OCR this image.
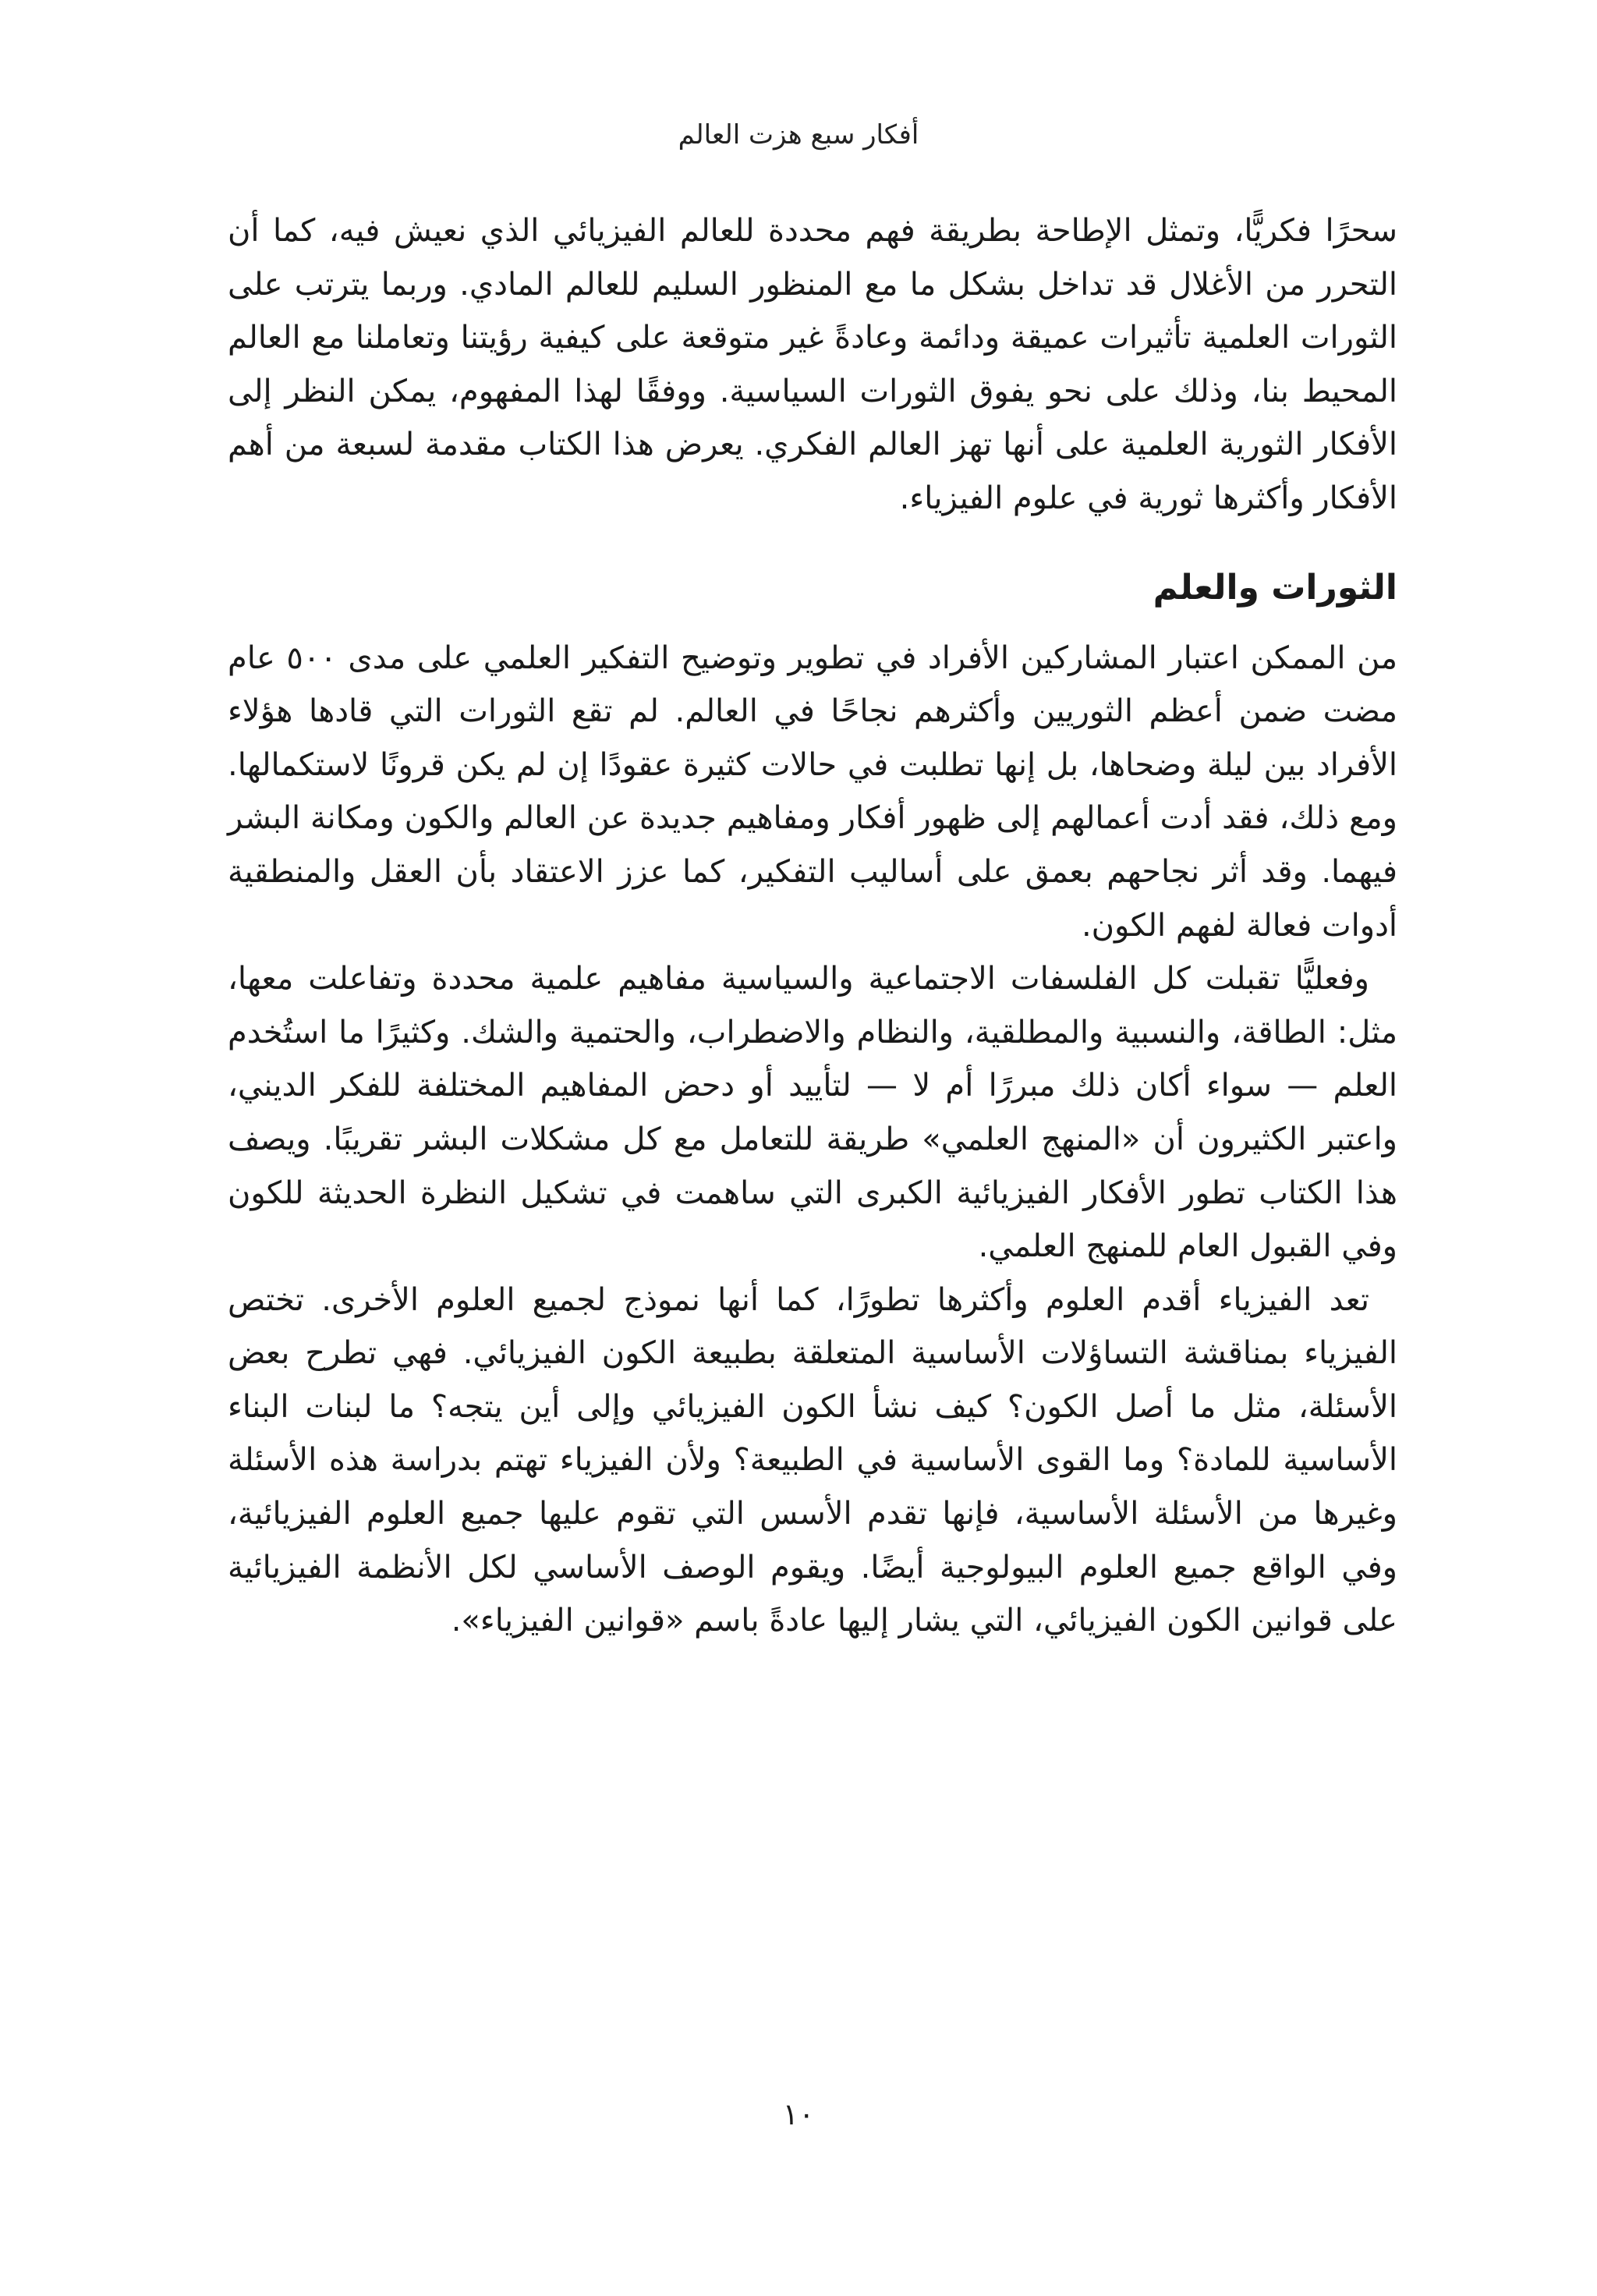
أفكار سبع هزت العالم

سحرًا فكريًّا، وتمثل الإطاحة بطريقة فهم محددة للعالم الفيزيائي الذي نعيش فيه، كما أن التحرر من الأغلال قد تداخل بشكل ما مع المنظور السليم للعالم المادي. وربما يترتب على الثورات العلمية تأثيرات عميقة ودائمة وعادةً غير متوقعة على كيفية رؤيتنا وتعاملنا مع العالم المحيط بنا، وذلك على نحو يفوق الثورات السياسية. ووفقًا لهذا المفهوم، يمكن النظر إلى الأفكار الثورية العلمية على أنها تهز العالم الفكري. يعرض هذا الكتاب مقدمة لسبعة من أهم الأفكار وأكثرها ثورية في علوم الفيزياء.

الثورات والعلم

من الممكن اعتبار المشاركين الأفراد في تطوير وتوضيح التفكير العلمي على مدى ٥٠٠ عام مضت ضمن أعظم الثوريين وأكثرهم نجاحًا في العالم. لم تقع الثورات التي قادها هؤلاء الأفراد بين ليلة وضحاها، بل إنها تطلبت في حالات كثيرة عقودًا إن لم يكن قرونًا لاستكمالها. ومع ذلك، فقد أدت أعمالهم إلى ظهور أفكار ومفاهيم جديدة عن العالم والكون ومكانة البشر فيهما. وقد أثر نجاحهم بعمق على أساليب التفكير، كما عزز الاعتقاد بأن العقل والمنطقية أدوات فعالة لفهم الكون.

وفعليًّا تقبلت كل الفلسفات الاجتماعية والسياسية مفاهيم علمية محددة وتفاعلت معها، مثل: الطاقة، والنسبية والمطلقية، والنظام والاضطراب، والحتمية والشك. وكثيرًا ما استُخدم العلم — سواء أكان ذلك مبررًا أم لا — لتأييد أو دحض المفاهيم المختلفة للفكر الديني، واعتبر الكثيرون أن «المنهج العلمي» طريقة للتعامل مع كل مشكلات البشر تقريبًا. ويصف هذا الكتاب تطور الأفكار الفيزيائية الكبرى التي ساهمت في تشكيل النظرة الحديثة للكون وفي القبول العام للمنهج العلمي.

تعد الفيزياء أقدم العلوم وأكثرها تطورًا، كما أنها نموذج لجميع العلوم الأخرى. تختص الفيزياء بمناقشة التساؤلات الأساسية المتعلقة بطبيعة الكون الفيزيائي. فهي تطرح بعض الأسئلة، مثل ما أصل الكون؟ كيف نشأ الكون الفيزيائي وإلى أين يتجه؟ ما لبنات البناء الأساسية للمادة؟ وما القوى الأساسية في الطبيعة؟ ولأن الفيزياء تهتم بدراسة هذه الأسئلة وغيرها من الأسئلة الأساسية، فإنها تقدم الأسس التي تقوم عليها جميع العلوم الفيزيائية، وفي الواقع جميع العلوم البيولوجية أيضًا. ويقوم الوصف الأساسي لكل الأنظمة الفيزيائية على قوانين الكون الفيزيائي، التي يشار إليها عادةً باسم «قوانين الفيزياء».

١٠
